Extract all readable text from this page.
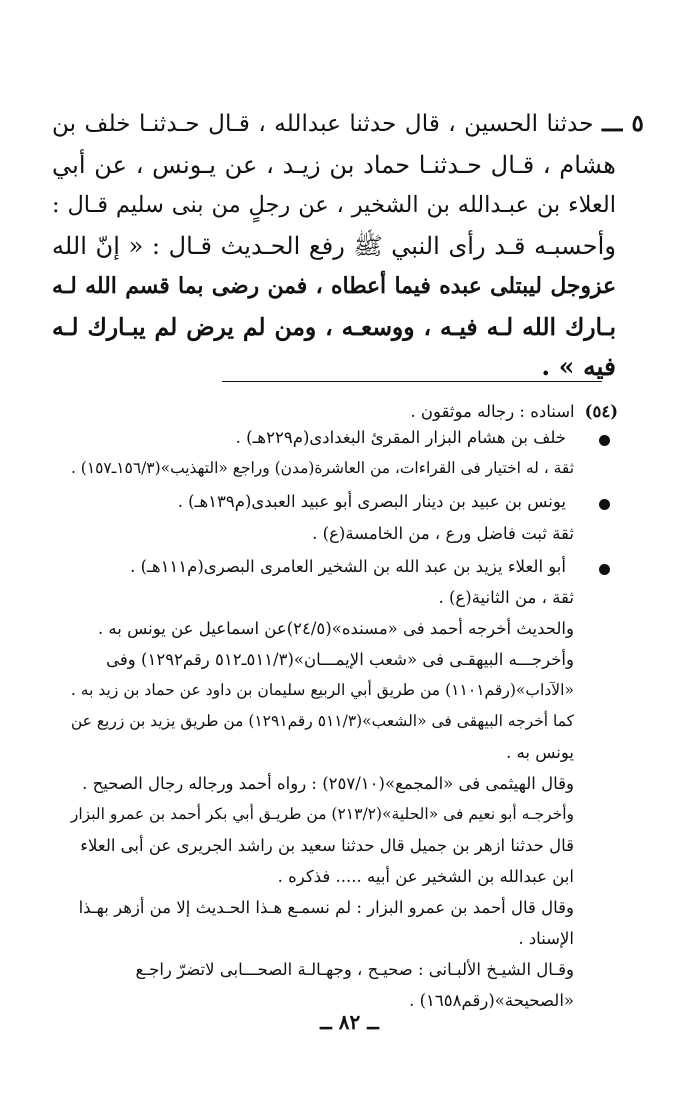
٥ ـــ حدثنا الحسين ، قال حدثنا عبدالله ، قـال حـدثنـا خلف بن
هشام ، قـال حـدثنـا حماد بن زيـد ، عن يـونس ، عن أبي
العلاء بن عبـدالله بن الشخير ، عن رجلٍ من بنى سليم قـال :
وأحسبـه قـد رأى النبي ﷺ رفع الحـديث قـال : « إنّ الله
عزوجل ليبتلى عبده فيما أعطاه ، فمن رضى بما قسم الله لـه
بـارك الله لـه فيـه ، ووسعـه ، ومن لم يرض لم يبـارك لـه
فيه » .
(٥٤)اسناده : رجاله موثقون .
خلف بن هشام البزار المقرئ البغدادى(م٢٢٩هـ) .
ثقة ، له اختيار فى القراءات، من العاشرة(مدن) وراجع «التهذيب»(١٥٦/٣ـ١٥٧) .
يونس بن عبيد بن دينار البصرى أبو عبيد العبدى(م١٣٩هـ) .
ثقة ثبت فاضل ورع ، من الخامسة(ع) .
أبو العلاء يزيد بن عبد الله بن الشخير العامرى البصرى(م١١١هـ) .
ثقة ، من الثانية(ع) .
والحديث أخرجه أحمد فى «مسنده»(٢٤/٥)عن اسماعيل عن يونس به .
وأخرجـــه البيهقـى فى «شعب الإيمـــان»(٥١١/٣ـ٥١٢ رقم١٢٩٢) وفى
«الآداب»(رقم١١٠١) من طريق أبي الربيع سليمان بن داود عن حماد بن زيد به .
كما أخرجه البيهقى فى «الشعب»(٥١١/٣ رقم١٢٩١) من طريق يزيد بن زريع عن
يونس به .
وقال الهيثمى فى «المجمع»(٢٥٧/١٠) : رواه أحمد ورجاله رجال الصحيح .
وأخرجـه أبو نعيم فى «الحلية»(٢١٣/٢) من طريـق أبي بكر أحمد بن عمرو البزار
قال حدثنا ازهر بن جميل قال حدثنا سعيد بن راشد الجريرى عن أبى العلاء
ابن عبدالله بن الشخير عن أبيه ..... فذكره .
وقال قال أحمد بن عمرو البزار : لم نسمـع هـذا الحـديث إلا من أزهر بهـذا
الإسناد .
وقـال الشيـخ الألبـانى : صحيـح ، وجهـالـة الصحـــابى لاتضرّ راجـع
«الصحيحة»(رقم١٦٥٨) .
ــ ٨٢ ــ
